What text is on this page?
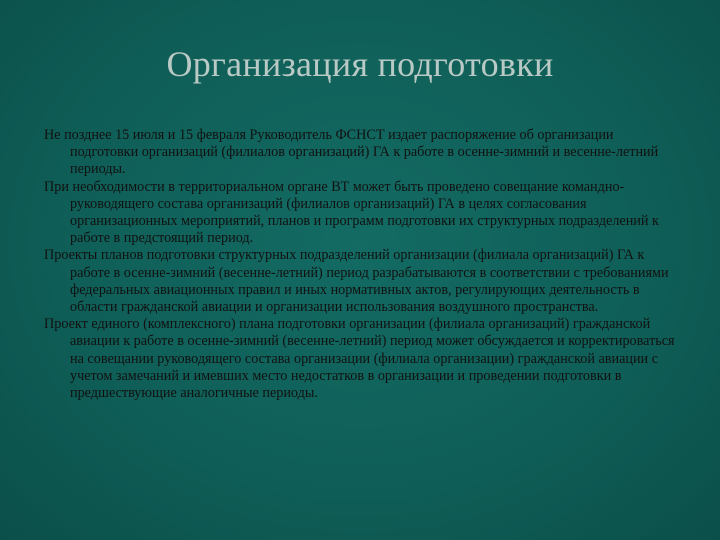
Организация подготовки

Не позднее 15 июля и 15 февраля Руководитель ФСНСТ издает распоряжение об организации подготовки организаций (филиалов организаций) ГА к работе в осенне-зимний и весенне-летний периоды.

При необходимости в территориальном органе ВТ может быть проведено совещание командно-руководящего состава организаций (филиалов организаций) ГА в целях согласования организационных мероприятий, планов и программ подготовки их структурных подразделений к работе в предстоящий период.

Проекты планов подготовки структурных подразделений организации (филиала организаций) ГА к работе в осенне-зимний (весенне-летний) период разрабатываются в соответствии с требованиями федеральных авиационных правил и иных нормативных актов, регулирующих деятельность в области гражданской авиации и организации использования воздушного пространства.

Проект единого (комплексного) плана подготовки организации (филиала организаций) гражданской авиации к работе в осенне-зимний (весенне-летний) период может обсуждается и корректироваться на совещании руководящего состава организации (филиала организации) гражданской авиации с учетом замечаний и имевших место недостатков в организации и проведении подготовки в предшествующие аналогичные периоды.
